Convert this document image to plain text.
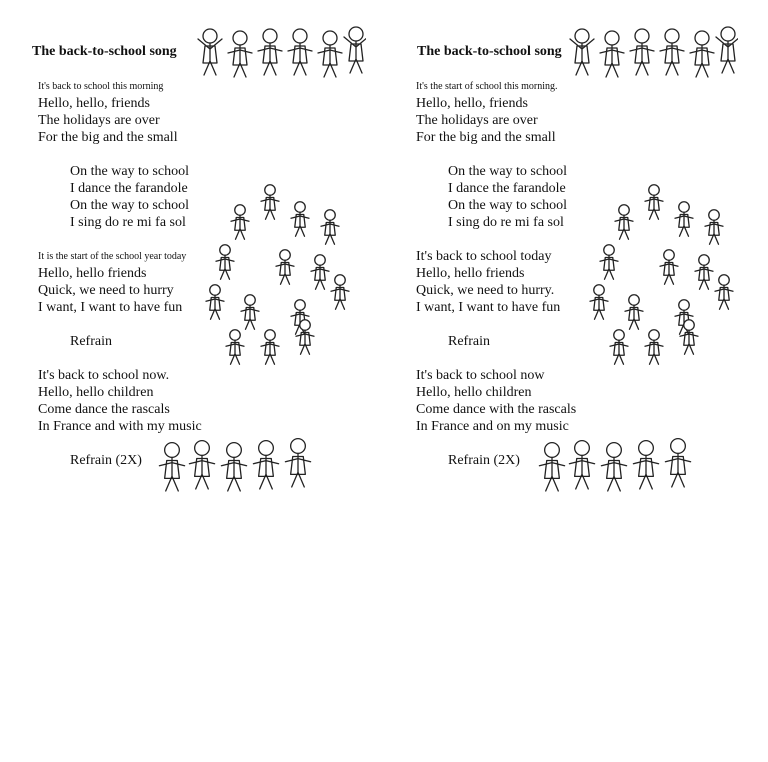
The back-to-school song
It's back to school this morning
Hello, hello, friends
The holidays are over
For the big and the small
On the way to school
I dance the farandole
On the way to school
I sing do re mi fa sol
It is the start of the school year today
Hello, hello friends
Quick, we need to hurry
I want, I want to have fun
Refrain
It's back to school now.
Hello, hello children
Come dance the rascals
In France and with my music
Refrain (2X)
The back-to-school song
It's the start of school this morning.
Hello, hello, friends
The holidays are over
For the big and the small
On the way to school
I dance the farandole
On the way to school
I sing do re mi fa sol
It's back to school today
Hello, hello friends
Quick, we need to hurry.
I want, I want to have fun
Refrain
It's back to school now
Hello, hello children
Come dance with the rascals
In France and on my music
Refrain (2X)
